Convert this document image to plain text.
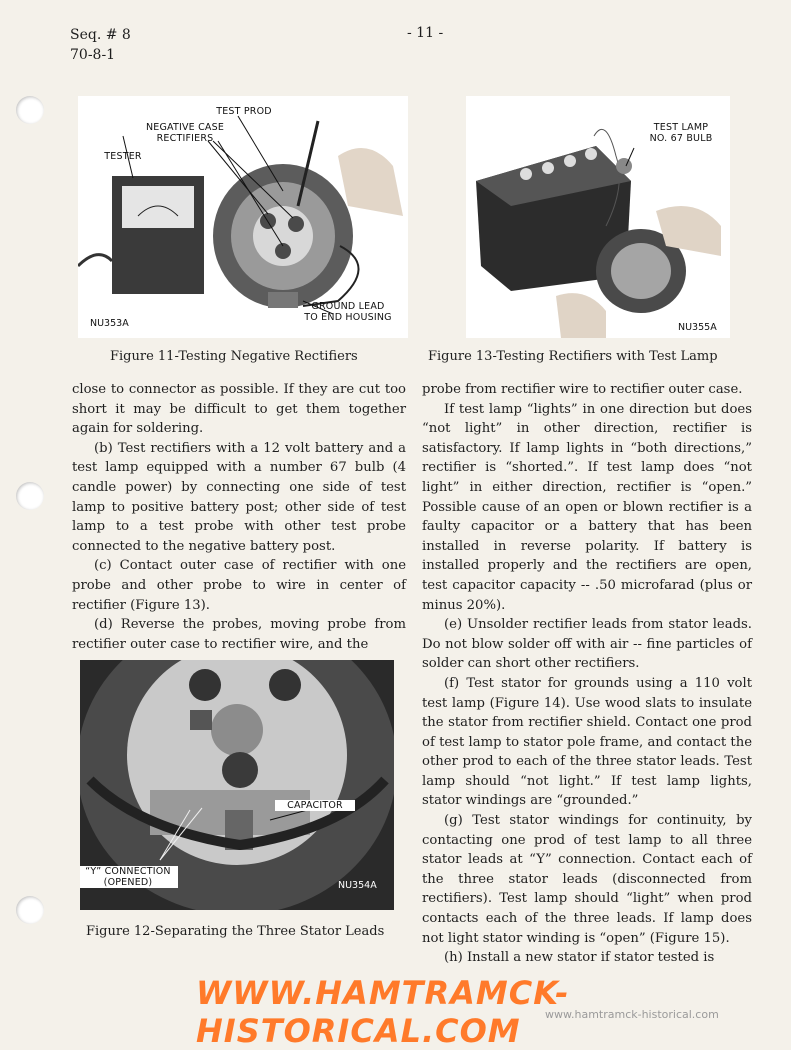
Seq. # 8
70-8-1
- 11 -
TEST PROD
NEGATIVE CASE
RECTIFIERS
TESTER
GROUND LEAD
TO END HOUSING
NU353A
Figure 11-Testing Negative Rectifiers
TEST LAMP
NO. 67 BULB
NU355A
Figure 13-Testing Rectifiers with Test Lamp

close to connector as possible. If they are cut too short it may be difficult to get them together again for soldering.

(b) Test rectifiers with a 12 volt battery and a test lamp equipped with a number 67 bulb (4 candle power) by connecting one side of test lamp to positive battery post; other side of test lamp to a test probe with other test probe connected to the negative battery post.

(c) Contact outer case of rectifier with one probe and other probe to wire in center of rectifier (Figure 13).

(d) Reverse the probes, moving probe from rectifier outer case to rectifier wire, and the

CAPACITOR
“Y” CONNECTION
(OPENED)	NU354A
Figure 12-Separating the Three Stator Leads

probe from rectifier wire to rectifier outer case.

If test lamp “lights” in one direction but does “not light” in other direction, rectifier is satisfactory. If lamp lights in “both directions,” rectifier is “shorted.”. If test lamp does “not light” in either direction, rectifier is “open.” Possible cause of an open or blown rectifier is a faulty capacitor or a battery that has been installed in reverse polarity. If battery is installed properly and the rectifiers are open, test capacitor capacity -- .50 microfarad (plus or minus 20%).

(e) Unsolder rectifier leads from stator leads. Do not blow solder off with air -- fine particles of solder can short other rectifiers.

(f) Test stator for grounds using a 110 volt test lamp (Figure 14). Use wood slats to insulate the stator from rectifier shield. Contact one prod of test lamp to stator pole frame, and contact the other prod to each of the three stator leads. Test lamp should “not light.” If test lamp lights, stator windings are “grounded.”

(g) Test stator windings for continuity, by contacting one prod of test lamp to all three stator leads at “Y” connection. Contact each of the three stator leads (disconnected from rectifiers). Test lamp should “light” when prod contacts each of the three leads. If lamp does not light stator winding is “open” (Figure 15).

(h) Install a new stator if stator tested is

WWW.HAMTRAMCK-HISTORICAL.COM	www.hamtramck-historical.com
